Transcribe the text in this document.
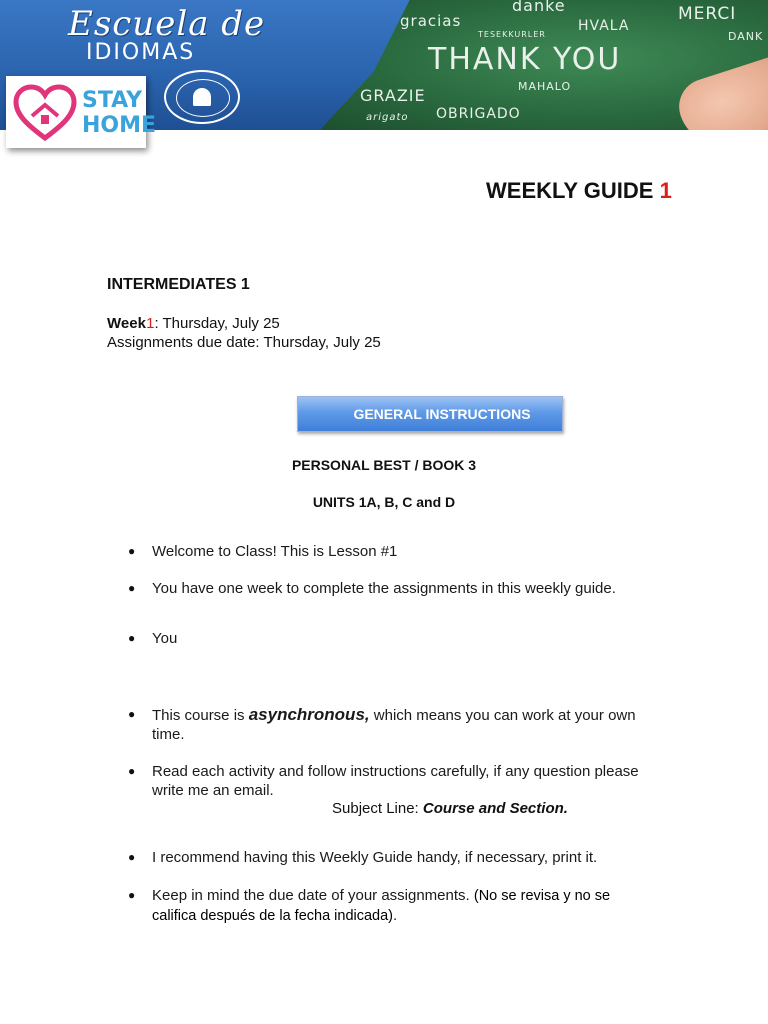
gracias
danke
HVALA
MERCI
THANK YOU
GRAZIE	MAHALO
OBRIGADO
TESEKKURLER
arigato
DANK
Escuela de
IDIOMAS
STAY
HOME
WEEKLY GUIDE 1
INTERMEDIATES 1
Week 1: Thursday, July 25
Assignments due date: Thursday, July 25
GENERAL INSTRUCTIONS
PERSONAL BEST / BOOK 3
UNITS 1A, B, C and D
● Welcome to Class! This is Lesson #1
● You have one week to complete the assignments in this weekly guide.
● You
● This course is asynchronous, which means you can work at your own time.
● Read each activity and follow instructions carefully, if any question please write me an email.
Subject Line: Course and Section.
● I recommend having this Weekly Guide handy, if necessary, print it.
● Keep in mind the due date of your assignments. (No se revisa y no se califica después de la fecha indicada).
